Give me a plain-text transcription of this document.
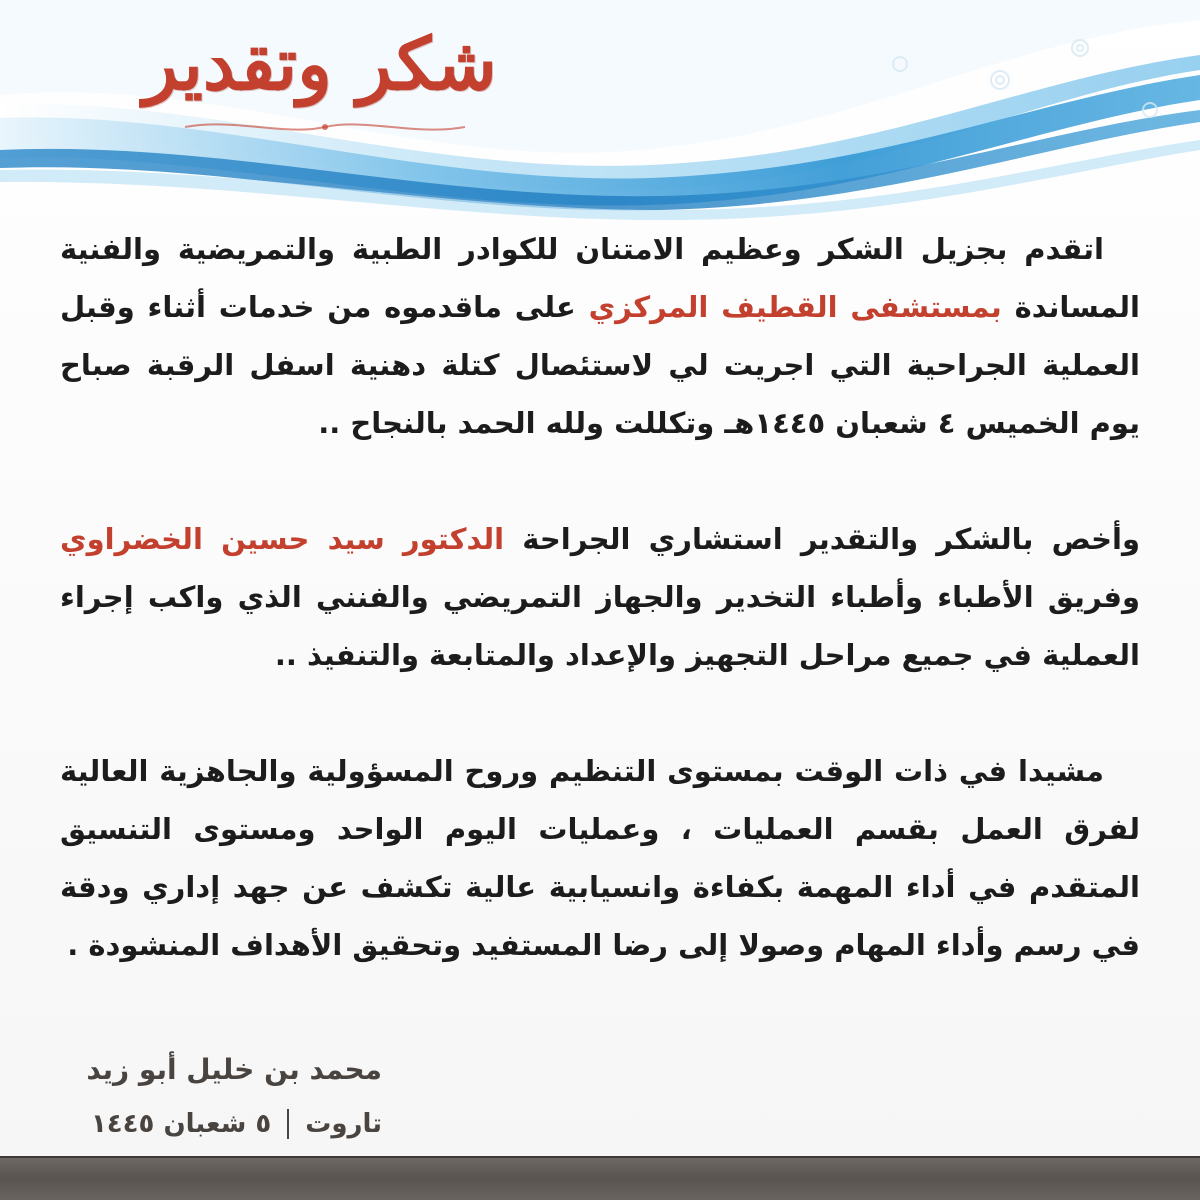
شكر وتقدير

اتقدم بجزيل الشكر وعظيم الامتنان للكوادر الطبية والتمريضية والفنية المساندة بمستشفى القطيف المركزي على ماقدموه من خدمات أثناء وقبل العملية الجراحية التي اجريت لي لاستئصال كتلة دهنية اسفل الرقبة صباح يوم الخميس ٤ شعبان ١٤٤٥هـ وتكللت ولله الحمد بالنجاح ..

وأخص بالشكر والتقدير استشاري الجراحة الدكتور سيد حسين الخضراوي وفريق الأطباء وأطباء التخدير والجهاز التمريضي والفنني الذي واكب إجراء العملية في جميع مراحل التجهيز والإعداد والمتابعة والتنفيذ ..

مشيدا في ذات الوقت بمستوى التنظيم وروح المسؤولية والجاهزية العالية لفرق العمل بقسم العمليات ، وعمليات اليوم الواحد ومستوى التنسيق المتقدم في أداء المهمة بكفاءة وانسيابية عالية تكشف عن جهد إداري ودقة في رسم وأداء المهام وصولا إلى رضا المستفيد وتحقيق الأهداف المنشودة .

محمد بن خليل أبو زيد
تاروت
٥ شعبان ١٤٤٥
